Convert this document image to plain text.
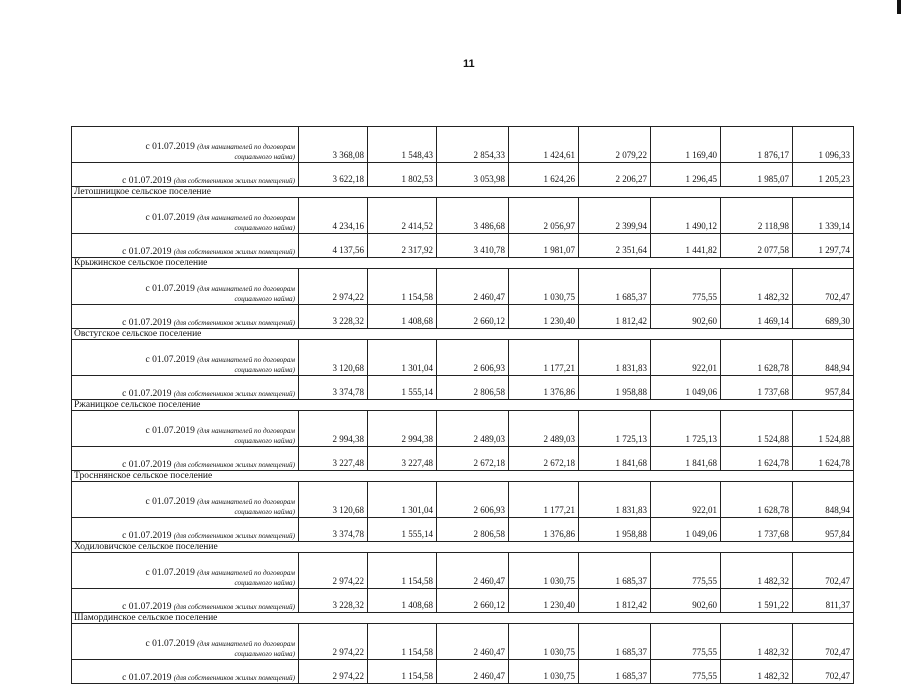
11
с 01.07.2019 (для нанимателей по договорам
социального найма)	3 368,08	1 548,43	2 854,33	1 424,61	2 079,22	1 169,40	1 876,17	1 096,33
с 01.07.2019 (для собственников жилых помещений)	3 622,18	1 802,53	3 053,98	1 624,26	2 206,27	1 296,45	1 985,07	1 205,23
Летошницкое сельское поселение								

с 01.07.2019 (для нанимателей по договорам
социального найма)	4 234,16	2 414,52	3 486,68	2 056,97	2 399,94	1 490,12	2 118,98	1 339,14
с 01.07.2019 (для собственников жилых помещений)	4 137,56	2 317,92	3 410,78	1 981,07	2 351,64	1 441,82	2 077,58	1 297,74
Крыжинское сельское поселение								

с 01.07.2019 (для нанимателей по договорам
социального найма)	2 974,22	1 154,58	2 460,47	1 030,75	1 685,37	775,55	1 482,32	702,47
с 01.07.2019 (для собственников жилых помещений)	3 228,32	1 408,68	2 660,12	1 230,40	1 812,42	902,60	1 469,14	689,30
Овстугское сельское поселение								

с 01.07.2019 (для нанимателей по договорам
социального найма)	3 120,68	1 301,04	2 606,93	1 177,21	1 831,83	922,01	1 628,78	848,94
с 01.07.2019 (для собственников жилых помещений)	3 374,78	1 555,14	2 806,58	1 376,86	1 958,88	1 049,06	1 737,68	957,84
Ржаницкое сельское поселение								

с 01.07.2019 (для нанимателей по договорам
социального найма)	2 994,38	2 994,38	2 489,03	2 489,03	1 725,13	1 725,13	1 524,88	1 524,88
с 01.07.2019 (для собственников жилых помещений)	3 227,48	3 227,48	2 672,18	2 672,18	1 841,68	1 841,68	1 624,78	1 624,78
Тросннянское сельское поселение								

с 01.07.2019 (для нанимателей по договорам
социального найма)	3 120,68	1 301,04	2 606,93	1 177,21	1 831,83	922,01	1 628,78	848,94
с 01.07.2019 (для собственников жилых помещений)	3 374,78	1 555,14	2 806,58	1 376,86	1 958,88	1 049,06	1 737,68	957,84
Ходиловичское сельское поселение								

с 01.07.2019 (для нанимателей по договорам
социального найма)	2 974,22	1 154,58	2 460,47	1 030,75	1 685,37	775,55	1 482,32	702,47
с 01.07.2019 (для собственников жилых помещений)	3 228,32	1 408,68	2 660,12	1 230,40	1 812,42	902,60	1 591,22	811,37
Шамординское сельское поселение								

с 01.07.2019 (для нанимателей по договорам
социального найма)	2 974,22	1 154,58	2 460,47	1 030,75	1 685,37	775,55	1 482,32	702,47
с 01.07.2019 (для собственников жилых помещений)	2 974,22	1 154,58	2 460,47	1 030,75	1 685,37	775,55	1 482,32	702,47
